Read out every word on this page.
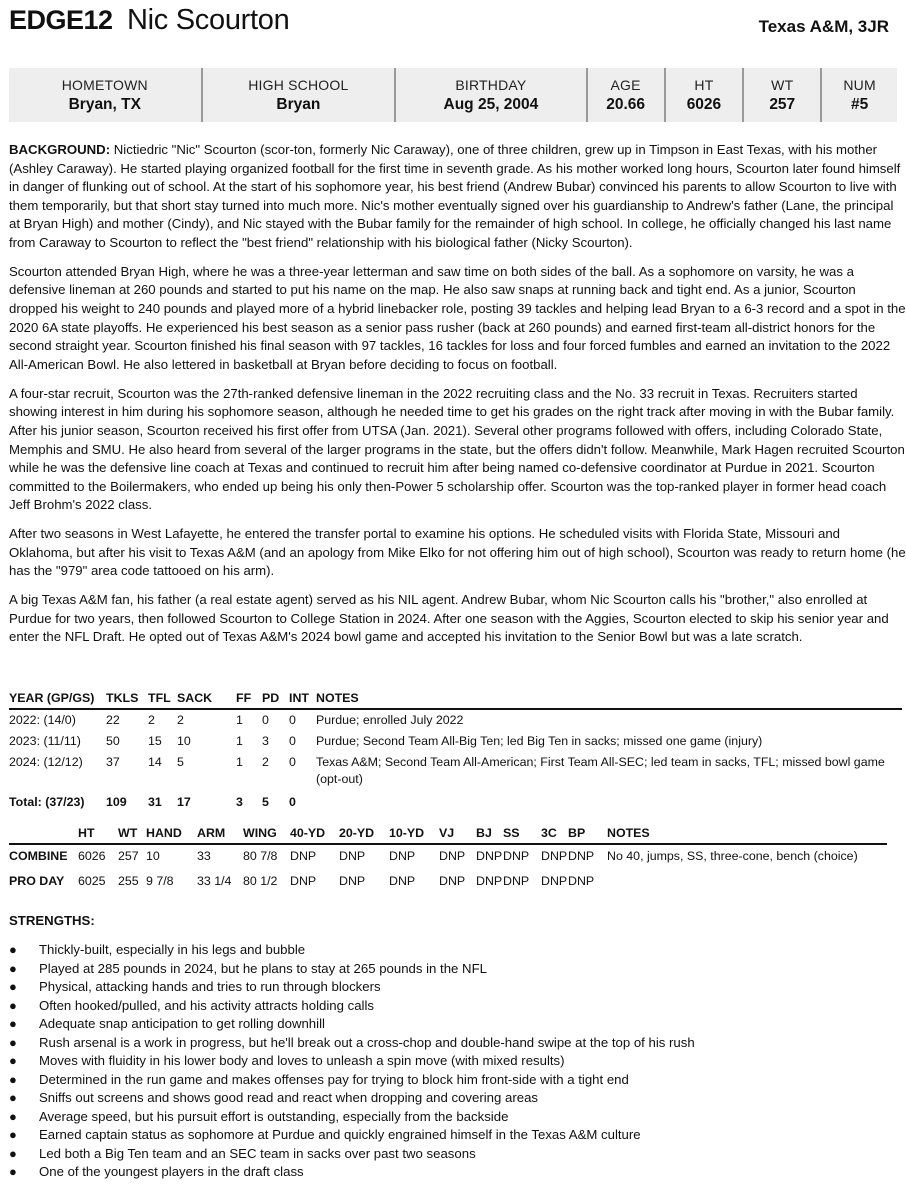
EDGE12 Nic Scourton	Texas A&M, 3JR
HOMETOWN
Bryan, TX
HIGH SCHOOL
Bryan
BIRTHDAY
Aug 25, 2004
AGE
20.66
HT
6026
WT
257
NUM
#5

BACKGROUND: Nictiedric "Nic" Scourton (scor-ton, formerly Nic Caraway), one of three children, grew up in Timpson in East Texas, with his mother (Ashley Caraway). He started playing organized football for the first time in seventh grade. As his mother worked long hours, Scourton later found himself in danger of flunking out of school. At the start of his sophomore year, his best friend (Andrew Bubar) convinced his parents to allow Scourton to live with them temporarily, but that short stay turned into much more. Nic's mother eventually signed over his guardianship to Andrew's father (Lane, the principal at Bryan High) and mother (Cindy), and Nic stayed with the Bubar family for the remainder of high school. In college, he officially changed his last name from Caraway to Scourton to reflect the "best friend" relationship with his biological father (Nicky Scourton).

Scourton attended Bryan High, where he was a three-year letterman and saw time on both sides of the ball. As a sophomore on varsity, he was a defensive lineman at 260 pounds and started to put his name on the map. He also saw snaps at running back and tight end. As a junior, Scourton dropped his weight to 240 pounds and played more of a hybrid linebacker role, posting 39 tackles and helping lead Bryan to a 6-3 record and a spot in the 2020 6A state playoffs. He experienced his best season as a senior pass rusher (back at 260 pounds) and earned first-team all-district honors for the second straight year. Scourton finished his final season with 97 tackles, 16 tackles for loss and four forced fumbles and earned an invitation to the 2022 All-American Bowl. He also lettered in basketball at Bryan before deciding to focus on football.

A four-star recruit, Scourton was the 27th-ranked defensive lineman in the 2022 recruiting class and the No. 33 recruit in Texas. Recruiters started showing interest in him during his sophomore season, although he needed time to get his grades on the right track after moving in with the Bubar family. After his junior season, Scourton received his first offer from UTSA (Jan. 2021). Several other programs followed with offers, including Colorado State, Memphis and SMU. He also heard from several of the larger programs in the state, but the offers didn't follow. Meanwhile, Mark Hagen recruited Scourton while he was the defensive line coach at Texas and continued to recruit him after being named co-defensive coordinator at Purdue in 2021. Scourton committed to the Boilermakers, who ended up being his only then-Power 5 scholarship offer. Scourton was the top-ranked player in former head coach Jeff Brohm's 2022 class.

After two seasons in West Lafayette, he entered the transfer portal to examine his options. He scheduled visits with Florida State, Missouri and Oklahoma, but after his visit to Texas A&M (and an apology from Mike Elko for not offering him out of high school), Scourton was ready to return home (he has the "979" area code tattooed on his arm).

A big Texas A&M fan, his father (a real estate agent) served as his NIL agent. Andrew Bubar, whom Nic Scourton calls his "brother," also enrolled at Purdue for two years, then followed Scourton to College Station in 2024. After one season with the Aggies, Scourton elected to skip his senior year and enter the NFL Draft. He opted out of Texas A&M's 2024 bowl game and accepted his invitation to the Senior Bowl but was a late scratch.

YEAR (GP/GS)	TKLS	TFL	SACK	FF	PD	INT	NOTES
2022: (14/0)	22	2	2	1	0	0	Purdue; enrolled July 2022
2023: (11/11)	50	15	10	1	3	0	Purdue; Second Team All-Big Ten; led Big Ten in sacks; missed one game (injury)
2024: (12/12)	37	14	5	1	2	0	Texas A&M; Second Team All-American; First Team All-SEC; led team in sacks, TFL; missed bowl game (opt-out)
Total: (37/23)	109	31	17	3	5	0	
	HT	WT	HAND	ARM	WING	40-YD	20-YD	10-YD	VJ	BJ	SS	3C	BP	NOTES
COMBINE	6026	257	10	33	80 7/8	DNP	DNP	DNP	DNP	DNP	DNP	DNP	DNP	No 40, jumps, SS, three-cone, bench (choice)
PRO DAY	6025	255	9 7/8	33 1/4	80 1/2	DNP	DNP	DNP	DNP	DNP	DNP	DNP	DNP	
STRENGTHS:
● Thickly-built, especially in his legs and bubble
● Played at 285 pounds in 2024, but he plans to stay at 265 pounds in the NFL
● Physical, attacking hands and tries to run through blockers
● Often hooked/pulled, and his activity attracts holding calls
● Adequate snap anticipation to get rolling downhill
● Rush arsenal is a work in progress, but he'll break out a cross-chop and double-hand swipe at the top of his rush
● Moves with fluidity in his lower body and loves to unleash a spin move (with mixed results)
● Determined in the run game and makes offenses pay for trying to block him front-side with a tight end
● Sniffs out screens and shows good read and react when dropping and covering areas
● Average speed, but his pursuit effort is outstanding, especially from the backside
● Earned captain status as sophomore at Purdue and quickly engrained himself in the Texas A&M culture
● Led both a Big Ten team and an SEC team in sacks over past two seasons
● One of the youngest players in the draft class
